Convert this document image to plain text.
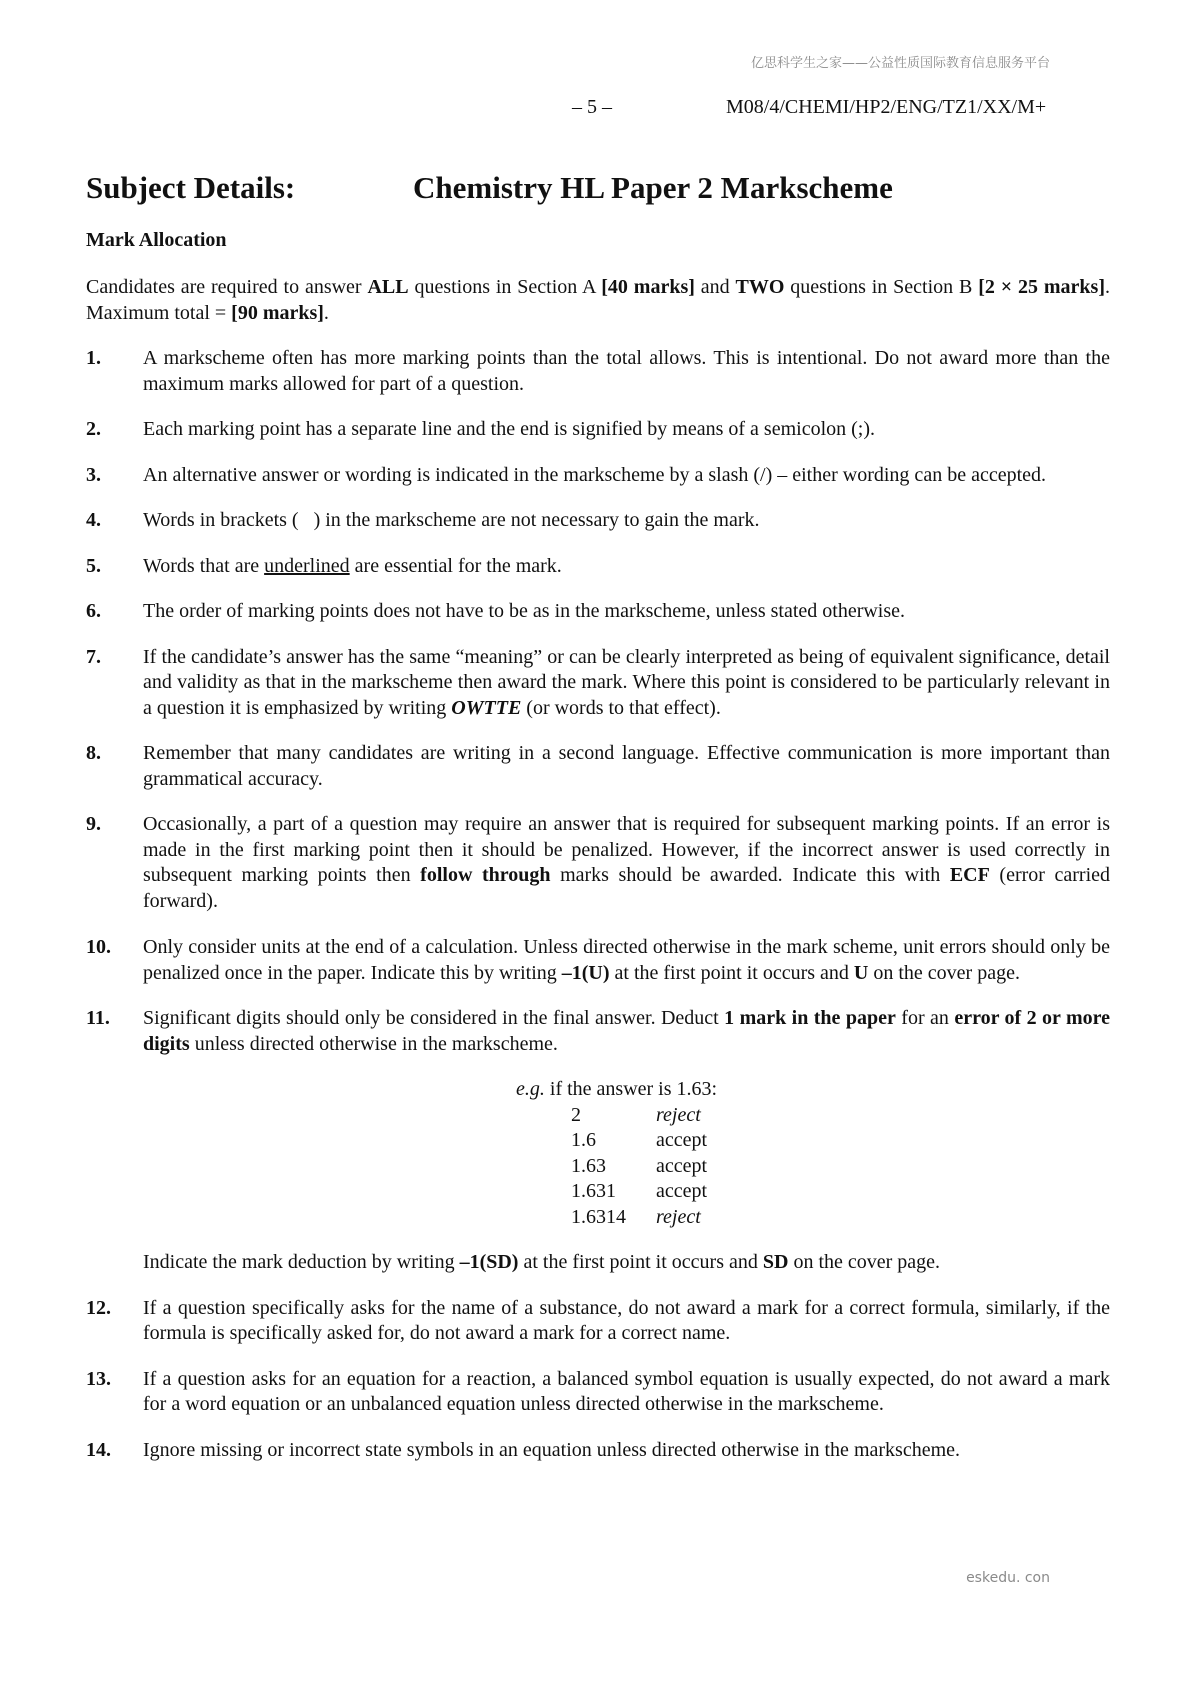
亿思科学生之家——公益性质国际教育信息服务平台
– 5 –	M08/4/CHEMI/HP2/ENG/TZ1/XX/M+
Subject Details:	Chemistry HL Paper 2 Markscheme
Mark Allocation

Candidates are required to answer ALL questions in Section A [40 marks] and TWO questions in Section B [2 × 25 marks]. Maximum total = [90 marks].

1.	A markscheme often has more marking points than the total allows. This is intentional. Do not award more than the maximum marks allowed for part of a question.
2.	Each marking point has a separate line and the end is signified by means of a semicolon (;).
3.	An alternative answer or wording is indicated in the markscheme by a slash (/) – either wording can be accepted.
4.	Words in brackets (   ) in the markscheme are not necessary to gain the mark.
5.	Words that are underlined are essential for the mark.
6.	The order of marking points does not have to be as in the markscheme, unless stated otherwise.
7.	If the candidate’s answer has the same “meaning” or can be clearly interpreted as being of equivalent significance, detail and validity as that in the markscheme then award the mark. Where this point is considered to be particularly relevant in a question it is emphasized by writing OWTTE (or words to that effect).
8.	Remember that many candidates are writing in a second language. Effective communication is more important than grammatical accuracy.
9.	Occasionally, a part of a question may require an answer that is required for subsequent marking points. If an error is made in the first marking point then it should be penalized. However, if the incorrect answer is used correctly in subsequent marking points then follow through marks should be awarded. Indicate this with ECF (error carried forward).
10.	Only consider units at the end of a calculation. Unless directed otherwise in the mark scheme, unit errors should only be penalized once in the paper. Indicate this by writing –1(U) at the first point it occurs and U on the cover page.
11.	Significant digits should only be considered in the final answer. Deduct 1 mark in the paper for an error of 2 or more digits unless directed otherwise in the markscheme.
e.g. if the answer is 1.63:
2	reject
1.6	accept
1.63	accept
1.631	accept
1.6314	reject
Indicate the mark deduction by writing –1(SD) at the first point it occurs and SD on the cover page.
12.	If a question specifically asks for the name of a substance, do not award a mark for a correct formula, similarly, if the formula is specifically asked for, do not award a mark for a correct name.
13.	If a question asks for an equation for a reaction, a balanced symbol equation is usually expected, do not award a mark for a word equation or an unbalanced equation unless directed otherwise in the markscheme.
14.	Ignore missing or incorrect state symbols in an equation unless directed otherwise in the markscheme.
eskedu. con
